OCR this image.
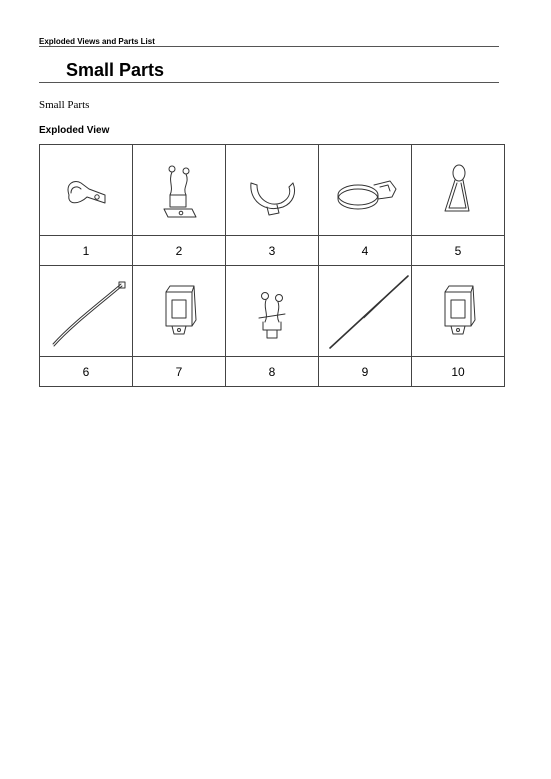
Exploded Views and Parts List
Small Parts
Small Parts
Exploded View

1	2	3	4	5

6	7	8	9	10
